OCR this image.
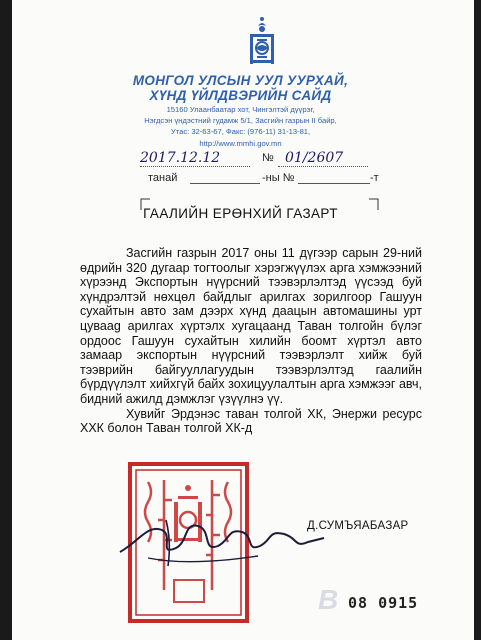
МОНГОЛ УЛСЫН УУЛ УУРХАЙ,
ХҮНД ҮЙЛДВЭРИЙН САЙД
15160 Улаанбаатар хот, Чингэлтэй дүүрэг,
Нэгдсэн үндэстний гудамж 5/1, Засгийн газрын II байр,
Утас: 32-63-67, Факс: (976-11) 31-13-81,
http://www.mmhi.gov.mn
2017.12.12	№ 01/2607
танай	-ны №	-т
ГААЛИЙН ЕРӨНХИЙ ГАЗАРТ

Засгийн газрын 2017 оны 11 дүгээр сарын 29-ний өдрийн 320 дугаар тогтоолыг хэрэгжүүлэх арга хэмжээний хүрээнд Экспортын нүүрсний тээвэрлэлтэд үүсээд буй хүндрэлтэй нөхцөл байдлыг арилгах зорилгоор Гашуун сухайтын авто зам дээрх хүнд даацын автомашины урт цуваag арилгах хүртэлх хугацаанд Таван толгойн бүлэг ордоос Гашуун сухайтын хилийн боомт хүртэл авто замаар экспортын нүүрсний тээвэрлэлт хийж буй тээврийн байгууллагуудын тээвэрлэлтэд гаалийн бүрдүүлэлт хийхгүй байх зохицуулалтын арга хэмжээг авч, бидний ажилд дэмжлэг үзүүлнэ үү.

Хувийг Эрдэнэс таван толгой ХК, Энержи ресурс ХХК болон Таван толгой ХК-д

Д.СУМЪЯАБАЗАР
B 08 0915
